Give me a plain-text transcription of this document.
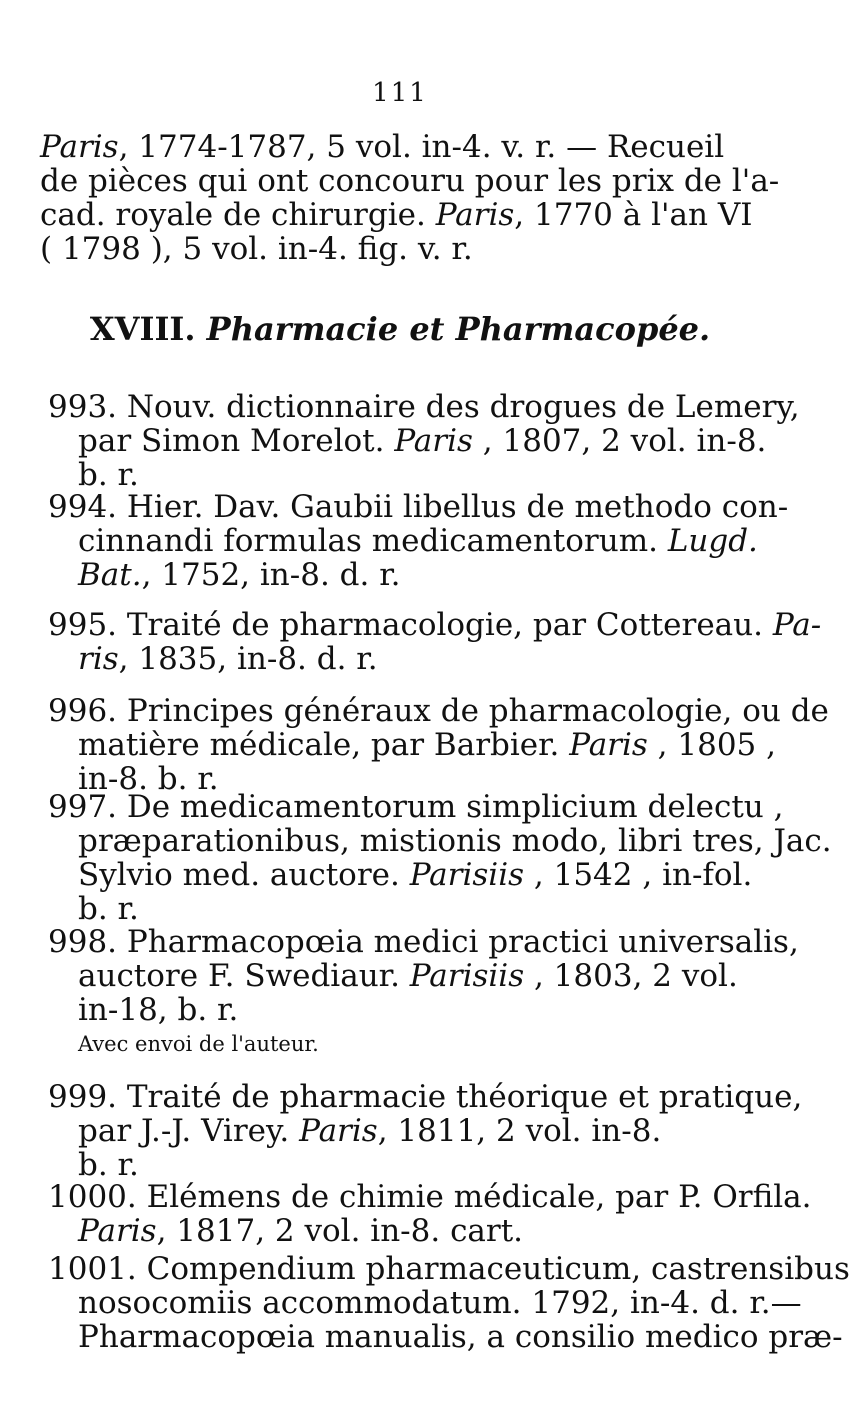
111
Paris, 1774-1787, 5 vol. in-4. v. r. — Recueil
de pièces qui ont concouru pour les prix de l'a-
cad. royale de chirurgie. Paris, 1770 à l'an VI
( 1798 ), 5 vol. in-4. fig. v. r.
XVIII. Pharmacie et Pharmacopée.
993. Nouv. dictionnaire des drogues de Lemery,
par Simon Morelot. Paris , 1807, 2 vol. in-8.
b. r.
994. Hier. Dav. Gaubii libellus de methodo con-
cinnandi formulas medicamentorum. Lugd.
Bat., 1752, in-8. d. r.
995. Traité de pharmacologie, par Cottereau. Pa-
ris, 1835, in-8. d. r.
996. Principes généraux de pharmacologie, ou de
matière médicale, par Barbier. Paris , 1805 ,
in-8. b. r.
997. De medicamentorum simplicium delectu ,
præparationibus, mistionis modo, libri tres, Jac.
Sylvio med. auctore. Parisiis , 1542 , in-fol.
b. r.
998. Pharmacopœia medici practici universalis,
auctore F. Swediaur. Parisiis , 1803, 2 vol.
in-18, b. r.
Avec envoi de l'auteur.
999. Traité de pharmacie théorique et pratique,
par J.-J. Virey. Paris, 1811, 2 vol. in-8.
b. r.
1000. Elémens de chimie médicale, par P. Orfila.
Paris, 1817, 2 vol. in-8. cart.
1001. Compendium pharmaceuticum, castrensibus
nosocomiis accommodatum. 1792, in-4. d. r.—
Pharmacopœia manualis, a consilio medico præ-
